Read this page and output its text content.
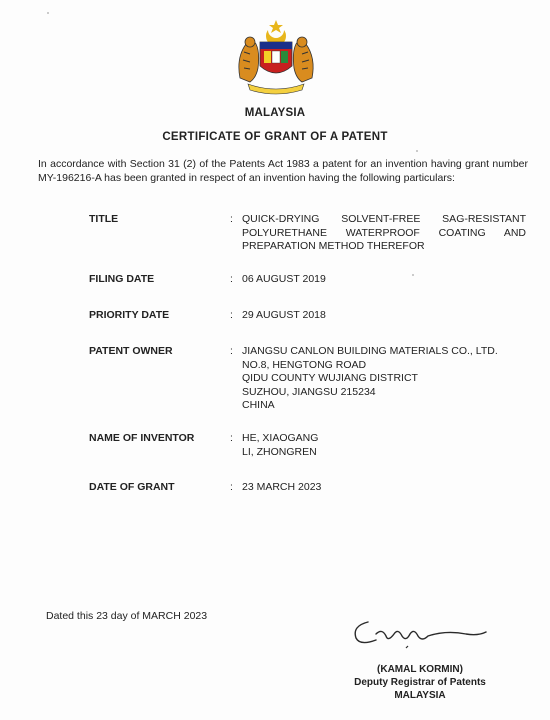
MALAYSIA
CERTIFICATE OF GRANT OF A PATENT
In accordance with Section 31 (2) of the Patents Act 1983 a patent for an invention having grant number MY-196216-A has been granted in respect of an invention having the following particulars:
TITLE	: QUICK-DRYING SOLVENT-FREE SAG-RESISTANT POLYURETHANE WATERPROOF COATING AND PREPARATION METHOD THEREFOR
FILING DATE	: 06 AUGUST 2019
PRIORITY DATE	: 29 AUGUST 2018
PATENT OWNER	: JIANGSU CANLON BUILDING MATERIALS CO., LTD.
NO.8, HENGTONG ROAD
QIDU COUNTY WUJIANG DISTRICT
SUZHOU, JIANGSU 215234
CHINA
NAME OF INVENTOR	: HE, XIAOGANG
LI, ZHONGREN
DATE OF GRANT	: 23 MARCH 2023
Dated this 23 day of MARCH 2023
(KAMAL KORMIN)
Deputy Registrar of Patents
MALAYSIA
